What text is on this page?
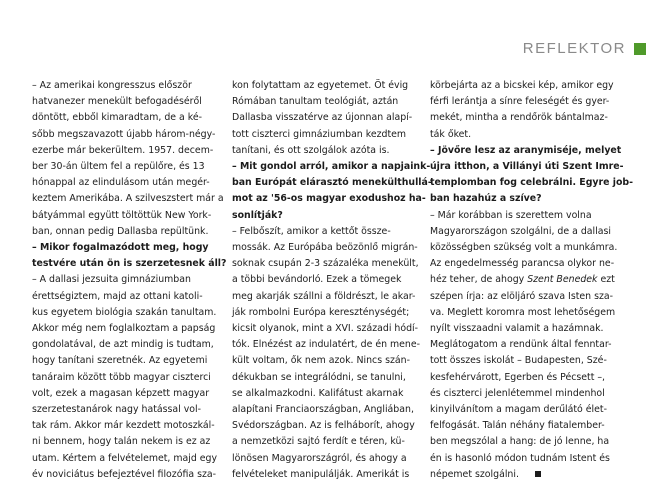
REFLEKTOR

– Az amerikai kongresszus először

hatvanezer menekült befogadéséről

döntött, ebből kimaradtam, de a ké-

sőbb megszavazott újabb három-négy-

ezerbe már bekerültem. 1957. decem-

ber 30-án ültem fel a repülőre, és 13

hónappal az elindulásom után megér-

keztem Amerikába. A szilveszstert már a

bátyámmal együtt töltöttük New York-

ban, onnan pedig Dallasba repültünk.

– Mikor fogalmazódott meg, hogy

testvére után ön is szerzetesnek áll?

– A dallasi jezsuita gimnáziumban

érettségiztem, majd az ottani katoli-

kus egyetem biológia szakán tanultam.

Akkor még nem foglalkoztam a papság

gondolatával, de azt mindig is tudtam,

hogy tanítani szeretnék. Az egyetemi

tanáraim között több magyar ciszterci

volt, ezek a magasan képzett magyar

szerzetestanárok nagy hatással vol-

tak rám. Akkor már kezdett motoszkál-

ni bennem, hogy talán nekem is ez az

utam. Kértem a felvételemet, majd egy

év noviciátus befejeztével filozófia sza-

kon folytattam az egyetemet. Öt évig

Rómában tanultam teológiát, aztán

Dallasba visszatérve az újonnan alapí-

tott ciszterci gimnáziumban kezdtem

tanítani, és ott szolgálok azóta is.

– Mit gondol arról, amikor a napjaink-

ban Európát elárasztó menekülthullá-

mot az '56-os magyar exodushoz ha-

sonlítják?

– Felbőszít, amikor a kettőt össze-

mossák. Az Európába beözönlő migrán-

soknak csupán 2-3 százaléka menekült,

a többi bevándorló. Ezek a tömegek

meg akarják szállni a földrészt, le akar-

ják rombolni Európa kereszténységét;

kicsit olyanok, mint a XVI. századi hódí-

tók. Elnézést az indulatért, de én mene-

kült voltam, ők nem azok. Nincs szán-

dékukban se integrálódni, se tanulni,

se alkalmazkodni. Kalifátust akarnak

alapítani Franciaországban, Angliában,

Svédországban. Az is felháborít, ahogy

a nemzetközi sajtó ferdít e téren, kü-

lönösen Magyarországról, és ahogy a

felvételeket manipulálják. Amerikát is

körbejárta az a bicskei kép, amikor egy

férfi lerántja a sínre feleségét és gyer-

mekét, mintha a rendőrök bántalmaz-

ták őket.

– Jövőre lesz az aranymiséje, melyet

újra itthon, a Villányi úti Szent Imre-

templomban fog celebrálni. Egyre job-

ban hazahúz a szíve?

– Már korábban is szerettem volna

Magyarországon szolgálni, de a dallasi

közösségben szükség volt a munkámra.

Az engedelmesség parancsa olykor ne-

héz teher, de ahogy Szent Benedek ezt

szépen írja: az elöljáró szava Isten sza-

va. Meglett koromra most lehetőségem

nyílt visszaadni valamit a hazámnak.

Meglátogatom a rendünk által fenntar-

tott összes iskolát – Budapesten, Szé-

kesfehérvárott, Egerben és Pécsett –,

és ciszterci jelenlétemmel mindenhol

kinyilvánítom a magam derűlátó élet-

felfogását. Talán néhány fiatalember-

ben megszólal a hang: de jó lenne, ha

én is hasonló módon tudnám Istent és

népemet szolgálni.
